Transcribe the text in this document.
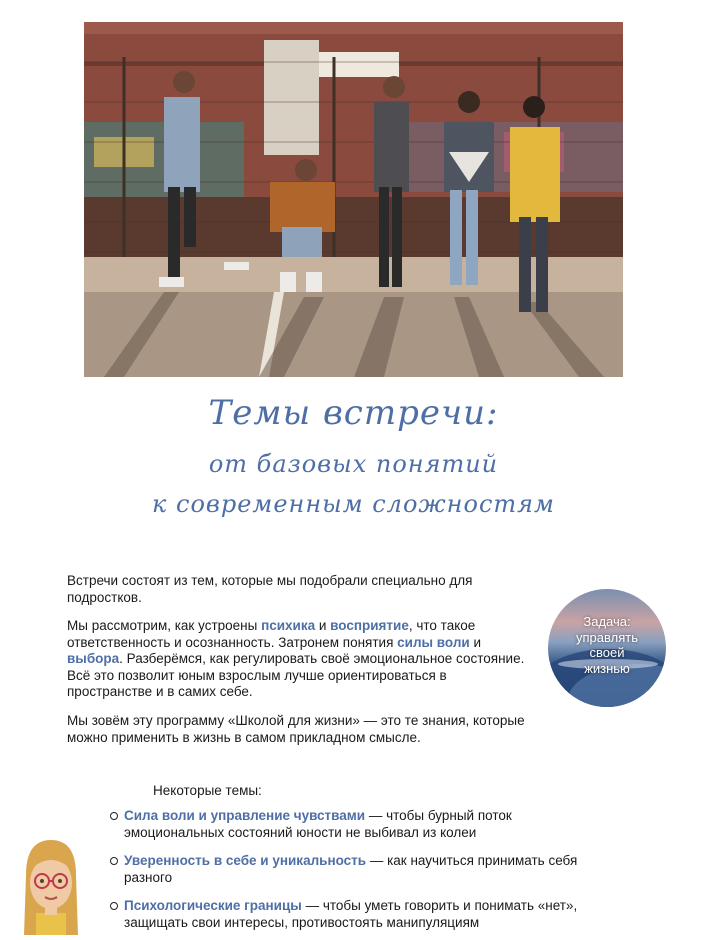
Темы встречи:
от базовых понятий
к современным сложностям

Встречи состоят из тем, которые мы подобрали специально для подростков.

Мы рассмотрим, как устроены психика и восприятие, что такое ответственность и осознанность. Затронем понятия силы воли и выбора. Разберёмся, как регулировать своё эмоциональное состояние. Всё это позволит юным взрослым лучше ориентироваться в пространстве и в самих себе.

Мы зовём эту программу «Школой для жизни» — это те знания, которые можно применить в жизнь в самом прикладном смысле.

Задача:
управлять
своей
жизнью
Некоторые темы:
Сила воли и управление чувствами — чтобы бурный поток эмоциональных состояний юности не выбивал из колеи
Уверенность в себе и уникальность — как научиться принимать себя разного
Психологические границы — чтобы уметь говорить и понимать «нет», защищать свои интересы, противостоять манипуляциям
